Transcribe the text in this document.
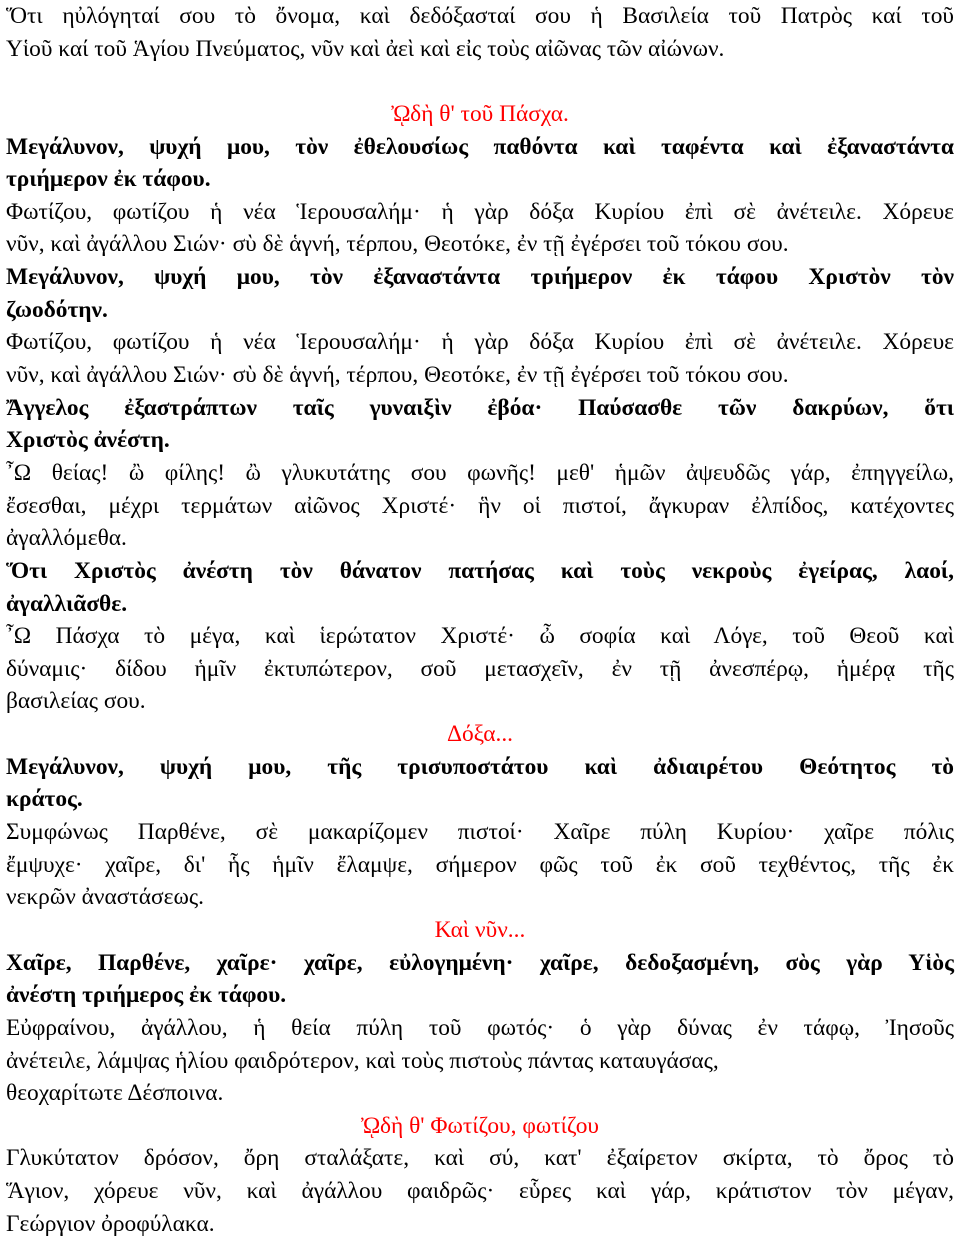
Ὅτι ηὐλόγηταί σου τὸ ὄνομα, καὶ δεδόξασταί σου ἡ Βασιλεία τοῦ Πατρὸς καί τοῦ
Υἱοῦ καί τοῦ Ἁγίου Πνεύματος, νῦν καὶ ἀεὶ καὶ εἰς τοὺς αἰῶνας τῶν αἰώνων.
ᾨδὴ θ' τοῦ Πάσχα.
Μεγάλυνον, ψυχή μου, τὸν ἐθελουσίως παθόντα καὶ ταφέντα καὶ ἐξαναστάντα
τριήμερον ἐκ τάφου.
Φωτίζου, φωτίζου ἡ νέα Ἱερουσαλήμ· ἡ γὰρ δόξα Κυρίου ἐπὶ σὲ ἀνέτειλε. Χόρευε
νῦν, καὶ ἀγάλλου Σιών· σὺ δὲ ἁγνή, τέρπου, Θεοτόκε, ἐν τῇ ἐγέρσει τοῦ τόκου σου.
Μεγάλυνον, ψυχή μου, τὸν ἐξαναστάντα τριήμερον ἐκ τάφου Χριστὸν τὸν
ζωοδότην.
Φωτίζου, φωτίζου ἡ νέα Ἱερουσαλήμ· ἡ γὰρ δόξα Κυρίου ἐπὶ σὲ ἀνέτειλε. Χόρευε
νῦν, καὶ ἀγάλλου Σιών· σὺ δὲ ἁγνή, τέρπου, Θεοτόκε, ἐν τῇ ἐγέρσει τοῦ τόκου σου.
Ἄγγελος ἐξαστράπτων ταῖς γυναιξὶν ἐβόα· Παύσασθε τῶν δακρύων, ὅτι
Χριστὸς ἀνέστη.
῏Ω θείας! ὢ φίλης! ὢ γλυκυτάτης σου φωνῆς! μεθ' ἡμῶν ἀψευδῶς γάρ, ἐπηγγείλω,
ἔσεσθαι, μέχρι τερμάτων αἰῶνος Χριστέ· ἣν οἱ πιστοί, ἄγκυραν ἐλπίδος, κατέχοντες
ἀγαλλόμεθα.
Ὅτι Χριστὸς ἀνέστη τὸν θάνατον πατήσας καὶ τοὺς νεκροὺς ἐγείρας, λαοί,
ἀγαλλιᾶσθε.
῏Ω Πάσχα τὸ μέγα, καὶ ἱερώτατον Χριστέ· ὦ σοφία καὶ Λόγε, τοῦ Θεοῦ καὶ
δύναμις· δίδου ἡμῖν ἐκτυπώτερον, σοῦ μετασχεῖν, ἐν τῇ ἀνεσπέρῳ, ἡμέρᾳ τῆς
βασιλείας σου.
Δόξα...
Μεγάλυνον, ψυχή μου, τῆς τρισυποστάτου καὶ ἀδιαιρέτου Θεότητος τὸ
κράτος.
Συμφώνως Παρθένε, σὲ μακαρίζομεν πιστοί· Χαῖρε πύλη Κυρίου· χαῖρε πόλις
ἔμψυχε· χαῖρε, δι' ἧς ἡμῖν ἔλαμψε, σήμερον φῶς τοῦ ἐκ σοῦ τεχθέντος, τῆς ἐκ
νεκρῶν ἀναστάσεως.
Καὶ νῦν...
Χαῖρε, Παρθένε, χαῖρε· χαῖρε, εὐλογημένη· χαῖρε, δεδοξασμένη, σὸς γὰρ Υἱὸς
ἀνέστη τριήμερος ἐκ τάφου.
Εὐφραίνου, ἀγάλλου, ἡ θεία πύλη τοῦ φωτός· ὁ γὰρ δύνας ἐν τάφῳ, Ἰησοῦς
ἀνέτειλε, λάμψας ἡλίου φαιδρότερον, καὶ τοὺς πιστοὺς πάντας καταυγάσας,
θεοχαρίτωτε Δέσποινα.
ᾨδὴ θ' Φωτίζου, φωτίζου
Γλυκύτατον δρόσον, ὄρη σταλάξατε, καὶ σύ, κατ' ἐξαίρετον σκίρτα, τὸ ὄρος τὸ
Ἅγιον, χόρευε νῦν, καὶ ἀγάλλου φαιδρῶς· εὗρες καὶ γάρ, κράτιστον τὸν μέγαν,
Γεώργιον ὀροφύλακα.
